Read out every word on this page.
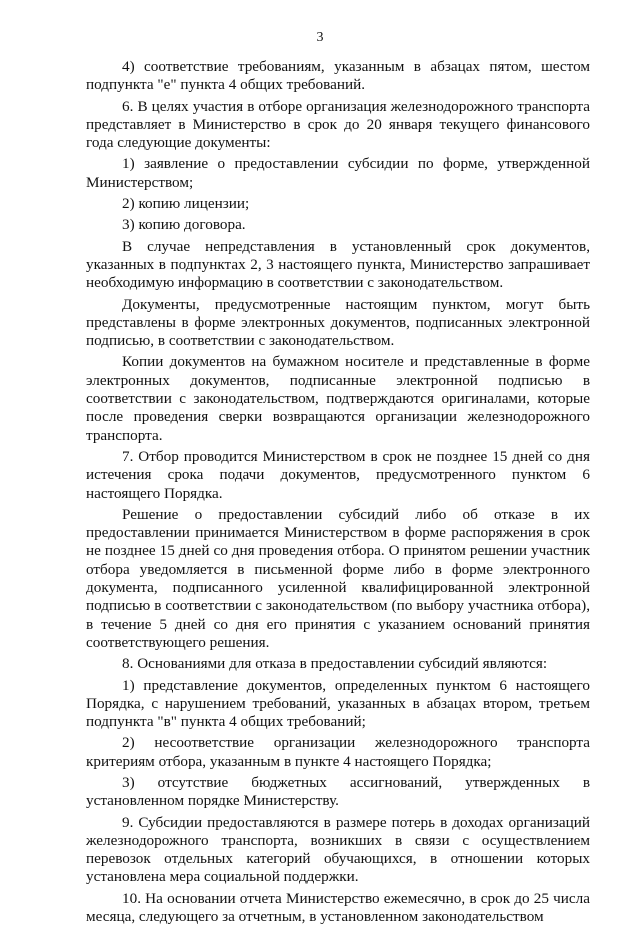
3

4) соответствие требованиям, указанным в абзацах пятом, шестом подпункта "е" пункта 4 общих требований.

6. В целях участия в отборе организация железнодорожного транспорта представляет в Министерство в срок до 20 января текущего финансового года следующие документы:

1) заявление о предоставлении субсидии по форме, утвержденной Министерством;

2) копию лицензии;

3) копию договора.

В случае непредставления в установленный срок документов, указанных в подпунктах 2, 3 настоящего пункта, Министерство запрашивает необходимую информацию в соответствии с законодательством.

Документы, предусмотренные настоящим пунктом, могут быть представлены в форме электронных документов, подписанных электронной подписью, в соответствии с законодательством.

Копии документов на бумажном носителе и представленные в форме электронных документов, подписанные электронной подписью в соответствии с законодательством, подтверждаются оригиналами, которые после проведения сверки возвращаются организации железнодорожного транспорта.

7. Отбор проводится Министерством в срок не позднее 15 дней со дня истечения срока подачи документов, предусмотренного пунктом 6 настоящего Порядка.

Решение о предоставлении субсидий либо об отказе в их предоставлении принимается Министерством в форме распоряжения в срок не позднее 15 дней со дня проведения отбора. О принятом решении участник отбора уведомляется в письменной форме либо в форме электронного документа, подписанного усиленной квалифицированной электронной подписью в соответствии с законодательством (по выбору участника отбора), в течение 5 дней со дня его принятия с указанием оснований принятия соответствующего решения.

8. Основаниями для отказа в предоставлении субсидий являются:

1) представление документов, определенных пунктом 6 настоящего Порядка, с нарушением требований, указанных в абзацах втором, третьем подпункта "в" пункта 4 общих требований;

2) несоответствие организации железнодорожного транспорта критериям отбора, указанным в пункте 4 настоящего Порядка;

3) отсутствие бюджетных ассигнований, утвержденных в установленном порядке Министерству.

9. Субсидии предоставляются в размере потерь в доходах организаций железнодорожного транспорта, возникших в связи с осуществлением перевозок отдельных категорий обучающихся, в отношении которых установлена мера социальной поддержки.

10. На основании отчета Министерство ежемесячно, в срок до 25 числа месяца, следующего за отчетным, в установленном законодательством
